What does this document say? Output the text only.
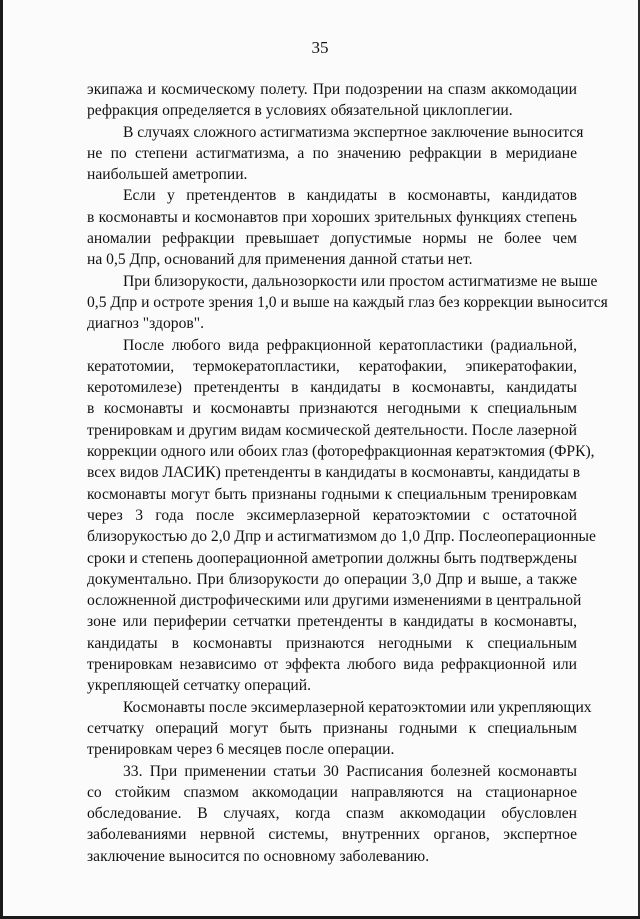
35
экипажа и космическому полету. При подозрении на спазм аккомодации
рефракция определяется в условиях обязательной циклоплегии.
В случаях сложного астигматизма экспертное заключение выносится
не по степени астигматизма, а по значению рефракции в меридиане
наибольшей аметропии.
Если у претендентов в кандидаты в космонавты, кандидатов
в космонавты и космонавтов при хороших зрительных функциях степень
аномалии рефракции превышает допустимые нормы не более чем
на 0,5 Дпр, оснований для применения данной статьи нет.
При близорукости, дальнозоркости или простом астигматизме не выше
0,5 Дпр и остроте зрения 1,0 и выше на каждый глаз без коррекции выносится
диагноз "здоров".
После любого вида рефракционной кератопластики (радиальной,
кератотомии, термокератопластики, кератофакии, эпикератофакии,
керотомилезе) претенденты в кандидаты в космонавты, кандидаты
в космонавты и космонавты признаются негодными к специальным
тренировкам и другим видам космической деятельности. После лазерной
коррекции одного или обоих глаз (фоторефракционная кератэктомия (ФРК),
всех видов ЛАСИК) претенденты в кандидаты в космонавты, кандидаты в
космонавты могут быть признаны годными к специальным тренировкам
через 3 года после эксимерлазерной кератоэктомии с остаточной
близорукостью до 2,0 Дпр и астигматизмом до 1,0 Дпр. Послеоперационные
сроки и степень дооперационной аметропии должны быть подтверждены
документально. При близорукости до операции 3,0 Дпр и выше, а также
осложненной дистрофическими или другими изменениями в центральной
зоне или периферии сетчатки претенденты в кандидаты в космонавты,
кандидаты в космонавты признаются негодными к специальным
тренировкам независимо от эффекта любого вида рефракционной или
укрепляющей сетчатку операций.
Космонавты после эксимерлазерной кератоэктомии или укрепляющих
сетчатку операций могут быть признаны годными к специальным
тренировкам через 6 месяцев после операции.
33. При применении статьи 30 Расписания болезней космонавты
со стойким спазмом аккомодации направляются на стационарное
обследование. В случаях, когда спазм аккомодации обусловлен
заболеваниями нервной системы, внутренних органов, экспертное
заключение выносится по основному заболеванию.
